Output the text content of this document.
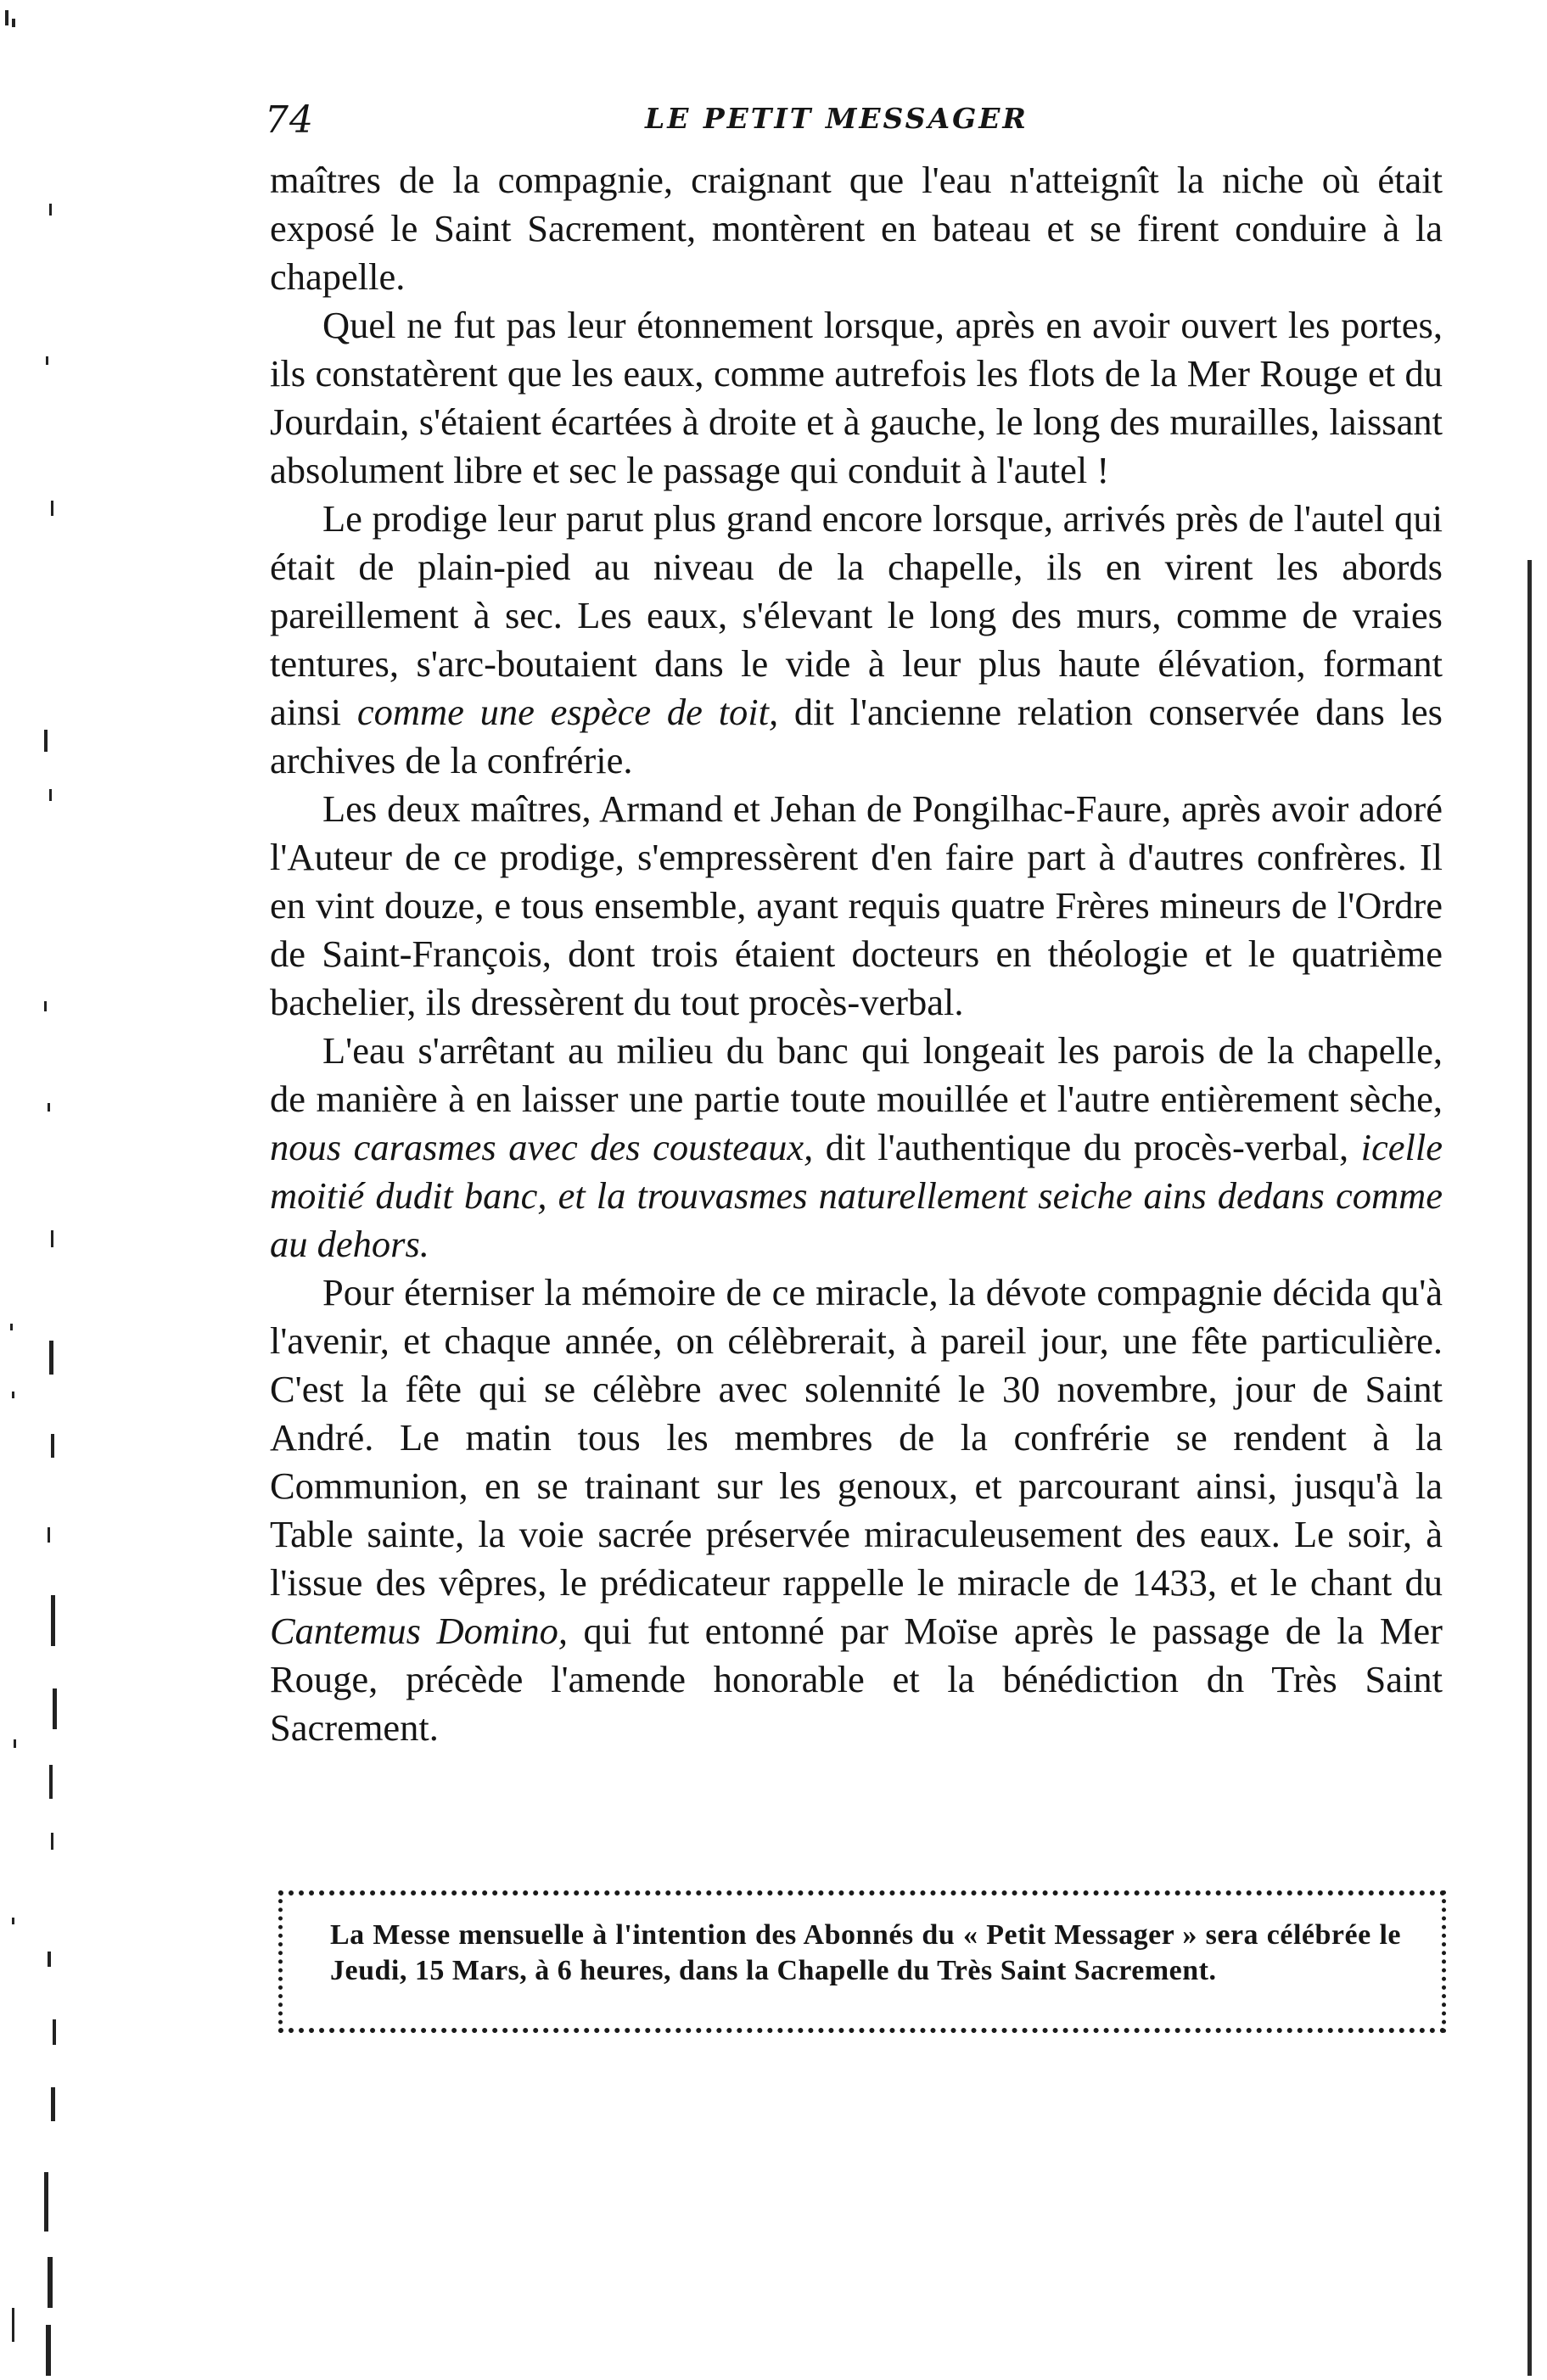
74	LE PETIT MESSAGER

maîtres de la compagnie, craignant que l'eau n'atteignît la niche où était exposé le Saint Sacrement, montèrent en bateau et se firent conduire à la chapelle.

Quel ne fut pas leur étonnement lorsque, après en avoir ouvert les portes, ils constatèrent que les eaux, comme autrefois les flots de la Mer Rouge et du Jourdain, s'étaient écartées à droite et à gauche, le long des murailles, laissant absolument libre et sec le passage qui conduit à l'autel !

Le prodige leur parut plus grand encore lorsque, arrivés près de l'autel qui était de plain-pied au niveau de la chapelle, ils en virent les abords pareillement à sec. Les eaux, s'élevant le long des murs, comme de vraies tentures, s'arc-boutaient dans le vide à leur plus haute élévation, formant ainsi comme une espèce de toit, dit l'ancienne relation conservée dans les archives de la confrérie.

Les deux maîtres, Armand et Jehan de Pongilhac-Faure, après avoir adoré l'Auteur de ce prodige, s'empressèrent d'en faire part à d'autres confrères. Il en vint douze, e tous ensemble, ayant requis quatre Frères mineurs de l'Ordre de Saint-François, dont trois étaient docteurs en théologie et le quatrième bachelier, ils dressèrent du tout procès-verbal.

L'eau s'arrêtant au milieu du banc qui longeait les parois de la chapelle, de manière à en laisser une partie toute mouillée et l'autre entièrement sèche, nous carasmes avec des cousteaux, dit l'authentique du procès-verbal, icelle moitié dudit banc, et la trouvasmes naturellement seiche ains dedans comme au dehors.

Pour éterniser la mémoire de ce miracle, la dévote compagnie décida qu'à l'avenir, et chaque année, on célèbrerait, à pareil jour, une fête particulière. C'est la fête qui se célèbre avec solennité le 30 novembre, jour de Saint André. Le matin tous les membres de la confrérie se rendent à la Communion, en se trainant sur les genoux, et parcourant ainsi, jusqu'à la Table sainte, la voie sacrée préservée miraculeusement des eaux. Le soir, à l'issue des vêpres, le prédicateur rappelle le miracle de 1433, et le chant du Cantemus Domino, qui fut entonné par Moïse après le passage de la Mer Rouge, précède l'amende honorable et la bénédiction dn Très Saint Sacrement.

La Messe mensuelle à l'intention des Abonnés du « Petit Messager » sera célébrée le Jeudi, 15 Mars, à 6 heures, dans la Chapelle du Très Saint Sacrement.
